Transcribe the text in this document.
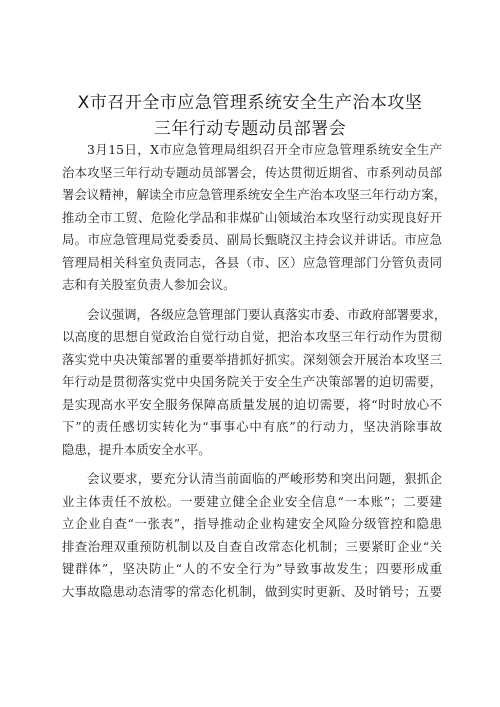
X市召开全市应急管理系统安全生产治本攻坚
三年行动专题动员部署会
3月15日，X市应急管理局组织召开全市应急管理系统安全生产
治本攻坚三年行动专题动员部署会，传达贯彻近期省、市系列动员部
署会议精神，解读全市应急管理系统安全生产治本攻坚三年行动方案，
推动全市工贸、危险化学品和非煤矿山领域治本攻坚行动实现良好开
局。市应急管理局党委委员、副局长甄晓汉主持会议并讲话。市应急
管理局相关科室负责同志，各县（市、区）应急管理部门分管负责同
志和有关股室负责人参加会议。
会议强调，各级应急管理部门要认真落实市委、市政府部署要求，
以高度的思想自觉政治自觉行动自觉，把治本攻坚三年行动作为贯彻
落实党中央决策部署的重要举措抓好抓实。深刻领会开展治本攻坚三
年行动是贯彻落实党中央国务院关于安全生产决策部署的迫切需要，
是实现高水平安全服务保障高质量发展的迫切需要，将“时时放心不
下”的责任感切实转化为“事事心中有底”的行动力，坚决消除事故
隐患，提升本质安全水平。
会议要求，要充分认清当前面临的严峻形势和突出问题，狠抓企
业主体责任不放松。一要建立健全企业安全信息“一本账”；二要建
立企业自查“一张表”，指导推动企业构建安全风险分级管控和隐患
排查治理双重预防机制以及自查自改常态化机制；三要紧盯企业“关
键群体”，坚决防止“人的不安全行为”导致事故发生；四要形成重
大事故隐患动态清零的常态化机制，做到实时更新、及时销号；五要
